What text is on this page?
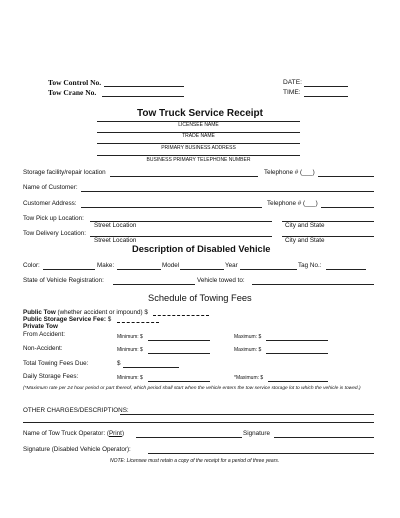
Tow Control No.
Tow Crane No.
DATE:
TIME:
Tow Truck Service Receipt
LICENSEE NAME
TRADE NAME
PRIMARY BUSINESS ADDRESS
BUSINESS PRIMARY TELEPHONE NUMBER
Storage facility/repair location	Telephone # (___)
Name of Customer:
Customer Address:	Telephone # (___)
Tow Pick up Location:
Street Location	City and State
Tow Delivery Location:
Street Location	City and State
Description of Disabled Vehicle
Color:	Make:	Model	Year	Tag No.:
State of Vehicle Registration:	Vehicle towed to:
Schedule of Towing Fees
Public Tow (whether accident or impound) $
Public Storage Service Fee: $
Private Tow
From Accident:	Minimum: $	Maximum: $
Non-Accident:	Minimum: $	Maximum: $
Total Towing Fees Due:	$
Daily Storage Fees:	Minimum: $	*Maximum: $
(*Maximum rate per 24 hour period or part thereof, which period shall start when the vehicle enters the tow service storage lot to which the vehicle is towed.)
OTHER CHARGES/DESCRIPTIONS:
Name of Tow Truck Operator: (Print)	Signature
Signature (Disabled Vehicle Operator):
NOTE: Licensee must retain a copy of the receipt for a period of three years.
